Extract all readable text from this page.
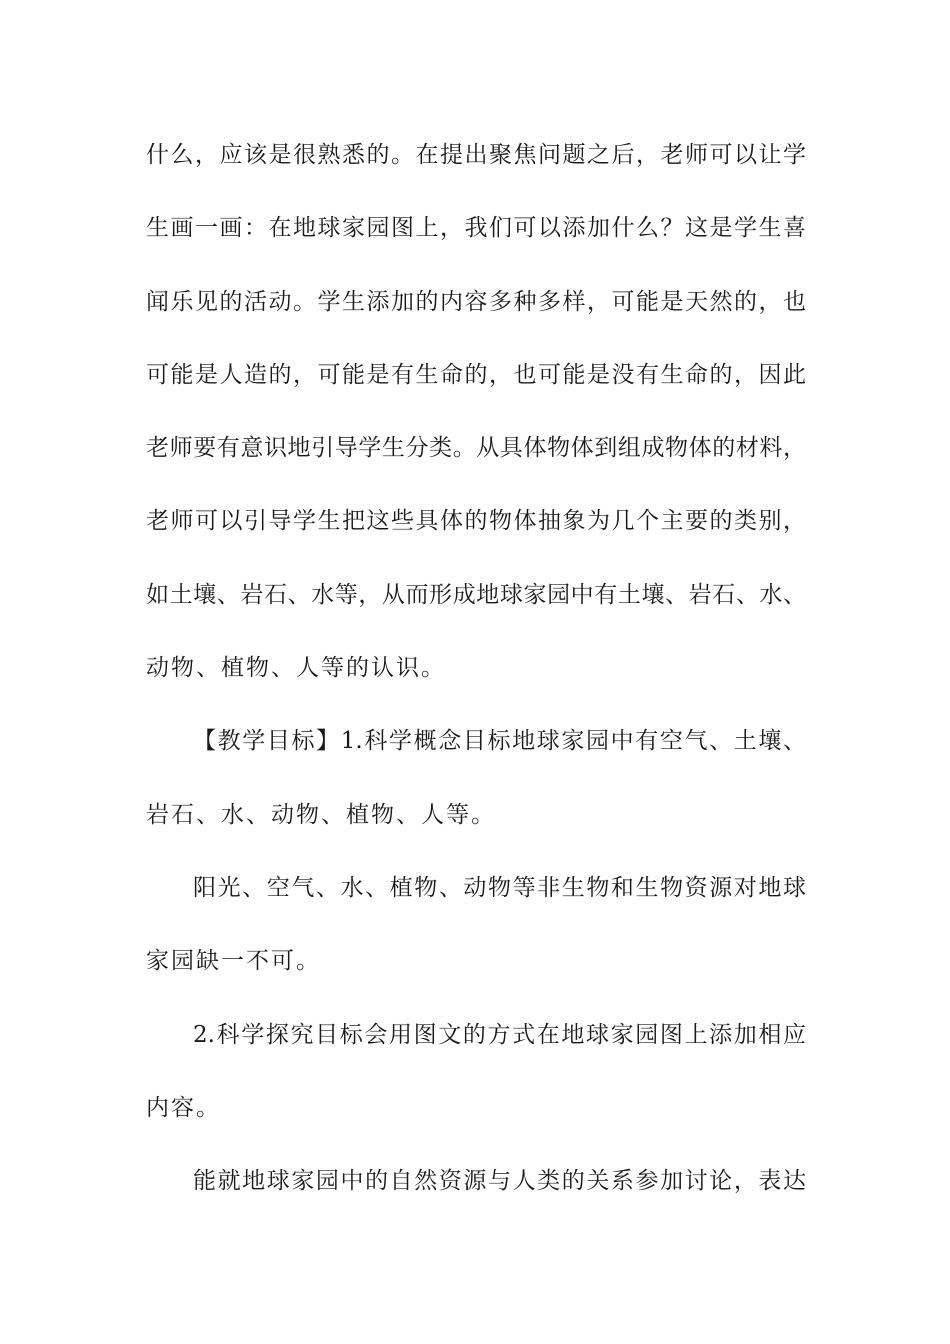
什么，应该是很熟悉的。在提出聚焦问题之后，老师可以让学
生画一画：在地球家园图上，我们可以添加什么？这是学生喜
闻乐见的活动。学生添加的内容多种多样，可能是天然的，也
可能是人造的，可能是有生命的，也可能是没有生命的，因此
老师要有意识地引导学生分类。从具体物体到组成物体的材料，
老师可以引导学生把这些具体的物体抽象为几个主要的类别，
如土壤、岩石、水等，从而形成地球家园中有土壤、岩石、水、
动物、植物、人等的认识。
【教学目标】1.科学概念目标地球家园中有空气、土壤、
岩石、水、动物、植物、人等。
阳光、空气、水、植物、动物等非生物和生物资源对地球
家园缺一不可。
2.科学探究目标会用图文的方式在地球家园图上添加相应
内容。
能就地球家园中的自然资源与人类的关系参加讨论，表达
